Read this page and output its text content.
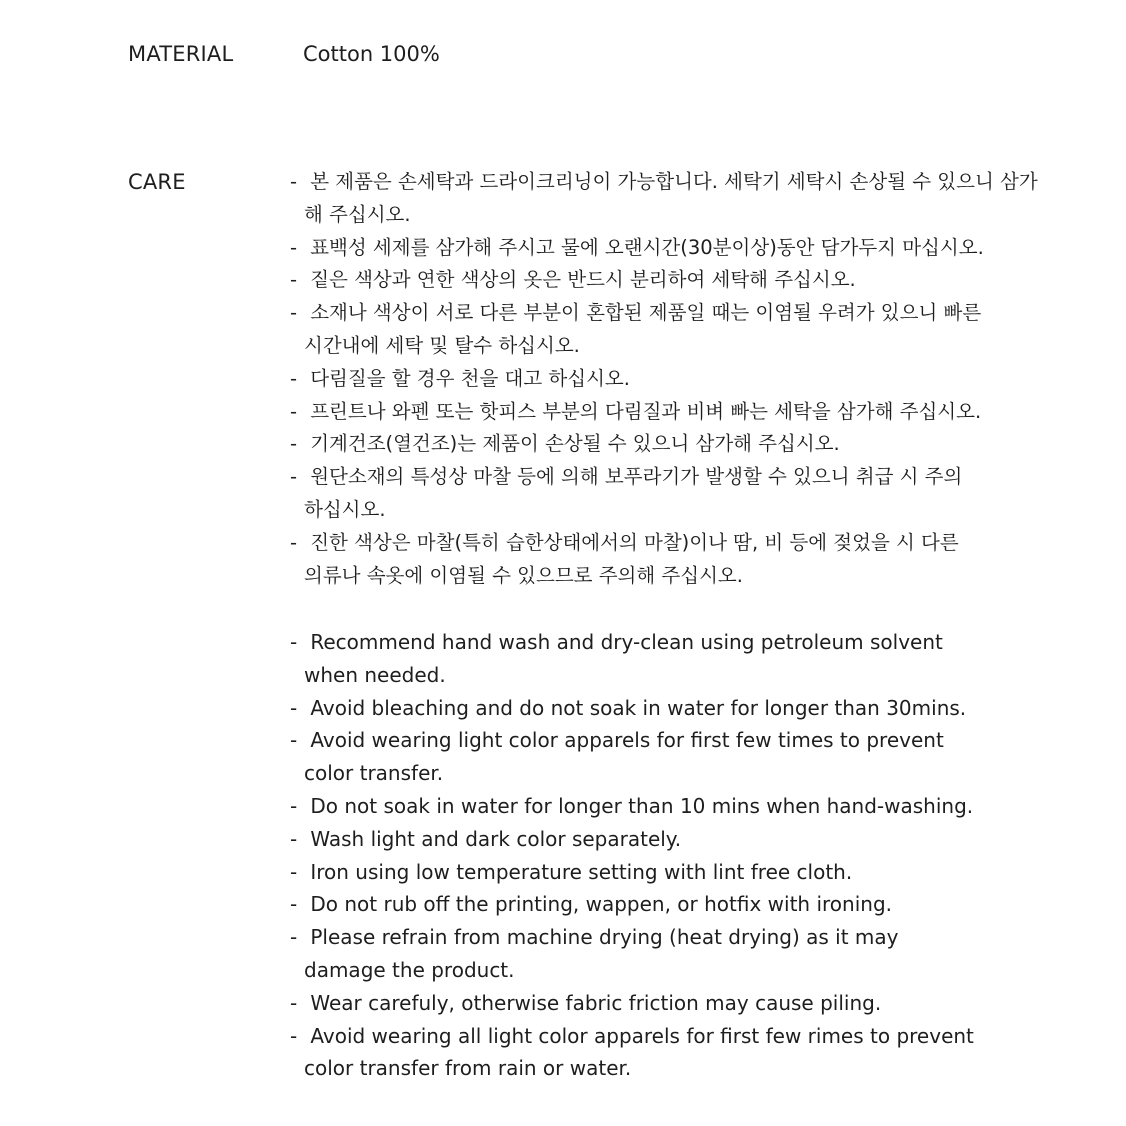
MATERIAL	Cotton 100%
CARE	- 본 제품은 손세탁과 드라이크리닝이 가능합니다. 세탁기 세탁시 손상될 수 있으니 삼가해 주십시오.
- 표백성 세제를 삼가해 주시고 물에 오랜시간(30분이상)동안 담가두지 마십시오.
- 짙은 색상과 연한 색상의 옷은 반드시 분리하여 세탁해 주십시오.
- 소재나 색상이 서로 다른 부분이 혼합된 제품일 때는 이염될 우려가 있으니 빠른 시간내에 세탁 및 탈수 하십시오.
- 다림질을 할 경우 천을 대고 하십시오.
- 프린트나 와펜 또는 핫피스 부분의 다림질과 비벼 빠는 세탁을 삼가해 주십시오.
- 기계건조(열건조)는 제품이 손상될 수 있으니 삼가해 주십시오.
- 원단소재의 특성상 마찰 등에 의해 보푸라기가 발생할 수 있으니 취급 시 주의 하십시오.
- 진한 색상은 마찰(특히 습한상태에서의 마찰)이나 땀, 비 등에 젖었을 시 다른 의류나 속옷에 이염될 수 있으므로 주의해 주십시오.
- Recommend hand wash and dry-clean using petroleum solvent when needed.
- Avoid bleaching and do not soak in water for longer than 30mins.
- Avoid wearing light color apparels for first few times to prevent color transfer.
- Do not soak in water for longer than 10 mins when hand-washing.
- Wash light and dark color separately.
- Iron using low temperature setting with lint free cloth.
- Do not rub off the printing, wappen, or hotfix with ironing.
- Please refrain from machine drying (heat drying) as it may damage the product.
- Wear carefuly, otherwise fabric friction may cause piling.
- Avoid wearing all light color apparels for first few rimes to prevent color transfer from rain or water.
